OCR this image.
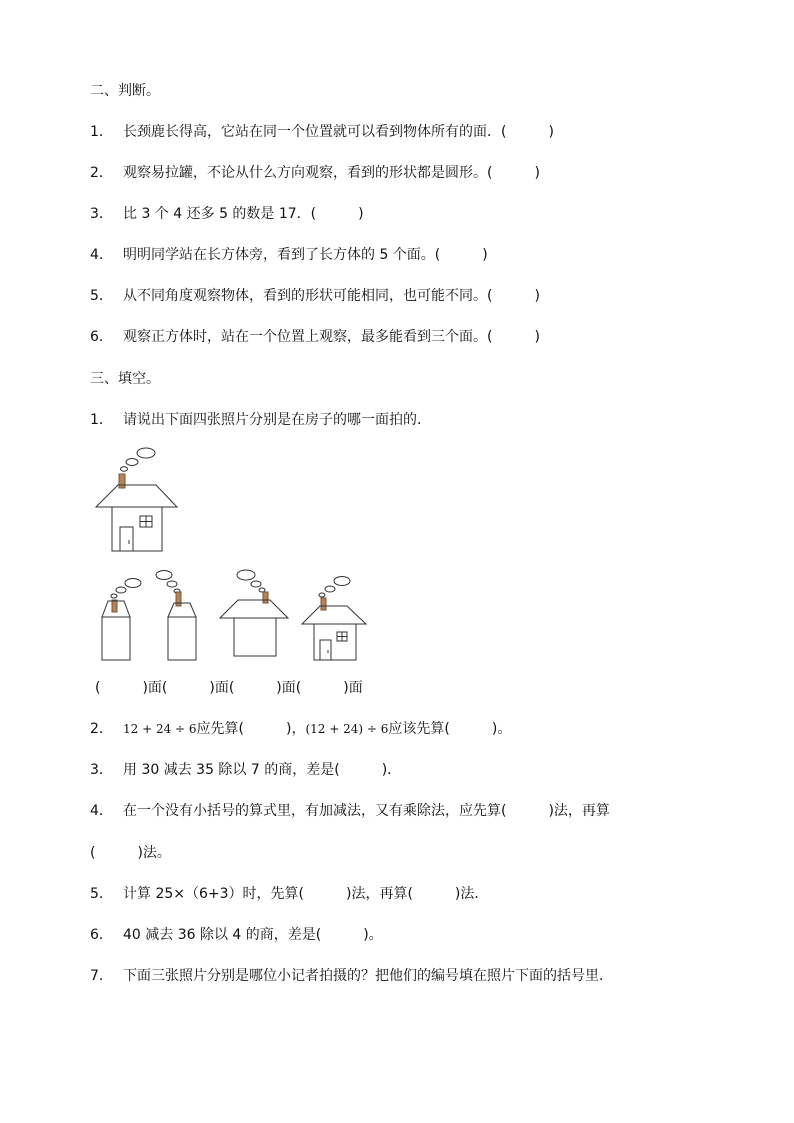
二、判断。
1． 长颈鹿长得高，它站在同一个位置就可以看到物体所有的面．(　　　)
2． 观察易拉罐，不论从什么方向观察，看到的形状都是圆形。(　　　)
3． 比 3 个 4 还多 5 的数是 17．(　　　)
4． 明明同学站在长方体旁，看到了长方体的 5 个面。(　　　)
5． 从不同角度观察物体，看到的形状可能相同，也可能不同。(　　　)
6． 观察正方体时，站在一个位置上观察，最多能看到三个面。(　　　)
三、填空。
1． 请说出下面四张照片分别是在房子的哪一面拍的．
(　　　)面(　　　)面(　　　)面(　　　)面
2． 12 + 24 ÷ 6应先算(　　　)，(12 + 24) ÷ 6应该先算(　　　)。
3． 用 30 减去 35 除以 7 的商，差是(　　　)．
4． 在一个没有小括号的算式里，有加减法，又有乘除法，应先算(　　　)法，再算
(　　　)法。
5． 计算 25×（6+3）时，先算(　　　)法，再算(　　　)法．
6． 40 减去 36 除以 4 的商，差是(　　　)。
7． 下面三张照片分别是哪位小记者拍摄的？把他们的编号填在照片下面的括号里．
